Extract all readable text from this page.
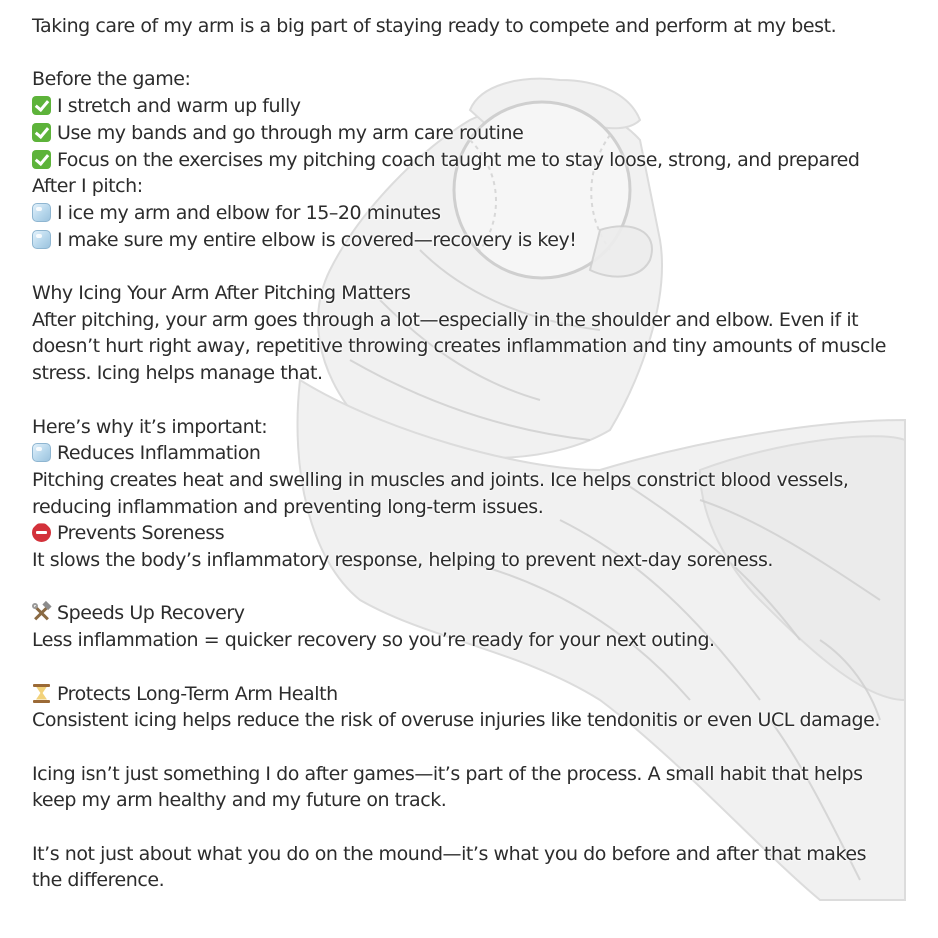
Taking care of my arm is a big part of staying ready to compete and perform at my best.
Before the game:
I stretch and warm up fully
Use my bands and go through my arm care routine
Focus on the exercises my pitching coach taught me to stay loose, strong, and prepared
After I pitch:
I ice my arm and elbow for 15–20 minutes
I make sure my entire elbow is covered—recovery is key!
Why Icing Your Arm After Pitching Matters
After pitching, your arm goes through a lot—especially in the shoulder and elbow. Even if it
doesn’t hurt right away, repetitive throwing creates inflammation and tiny amounts of muscle
stress. Icing helps manage that.
Here’s why it’s important:
Reduces Inflammation
Pitching creates heat and swelling in muscles and joints. Ice helps constrict blood vessels,
reducing inflammation and preventing long-term issues.
Prevents Soreness
It slows the body’s inflammatory response, helping to prevent next-day soreness.
Speeds Up Recovery
Less inflammation = quicker recovery so you’re ready for your next outing.
Protects Long-Term Arm Health
Consistent icing helps reduce the risk of overuse injuries like tendonitis or even UCL damage.
Icing isn’t just something I do after games—it’s part of the process. A small habit that helps
keep my arm healthy and my future on track.
It’s not just about what you do on the mound—it’s what you do before and after that makes
the difference.
